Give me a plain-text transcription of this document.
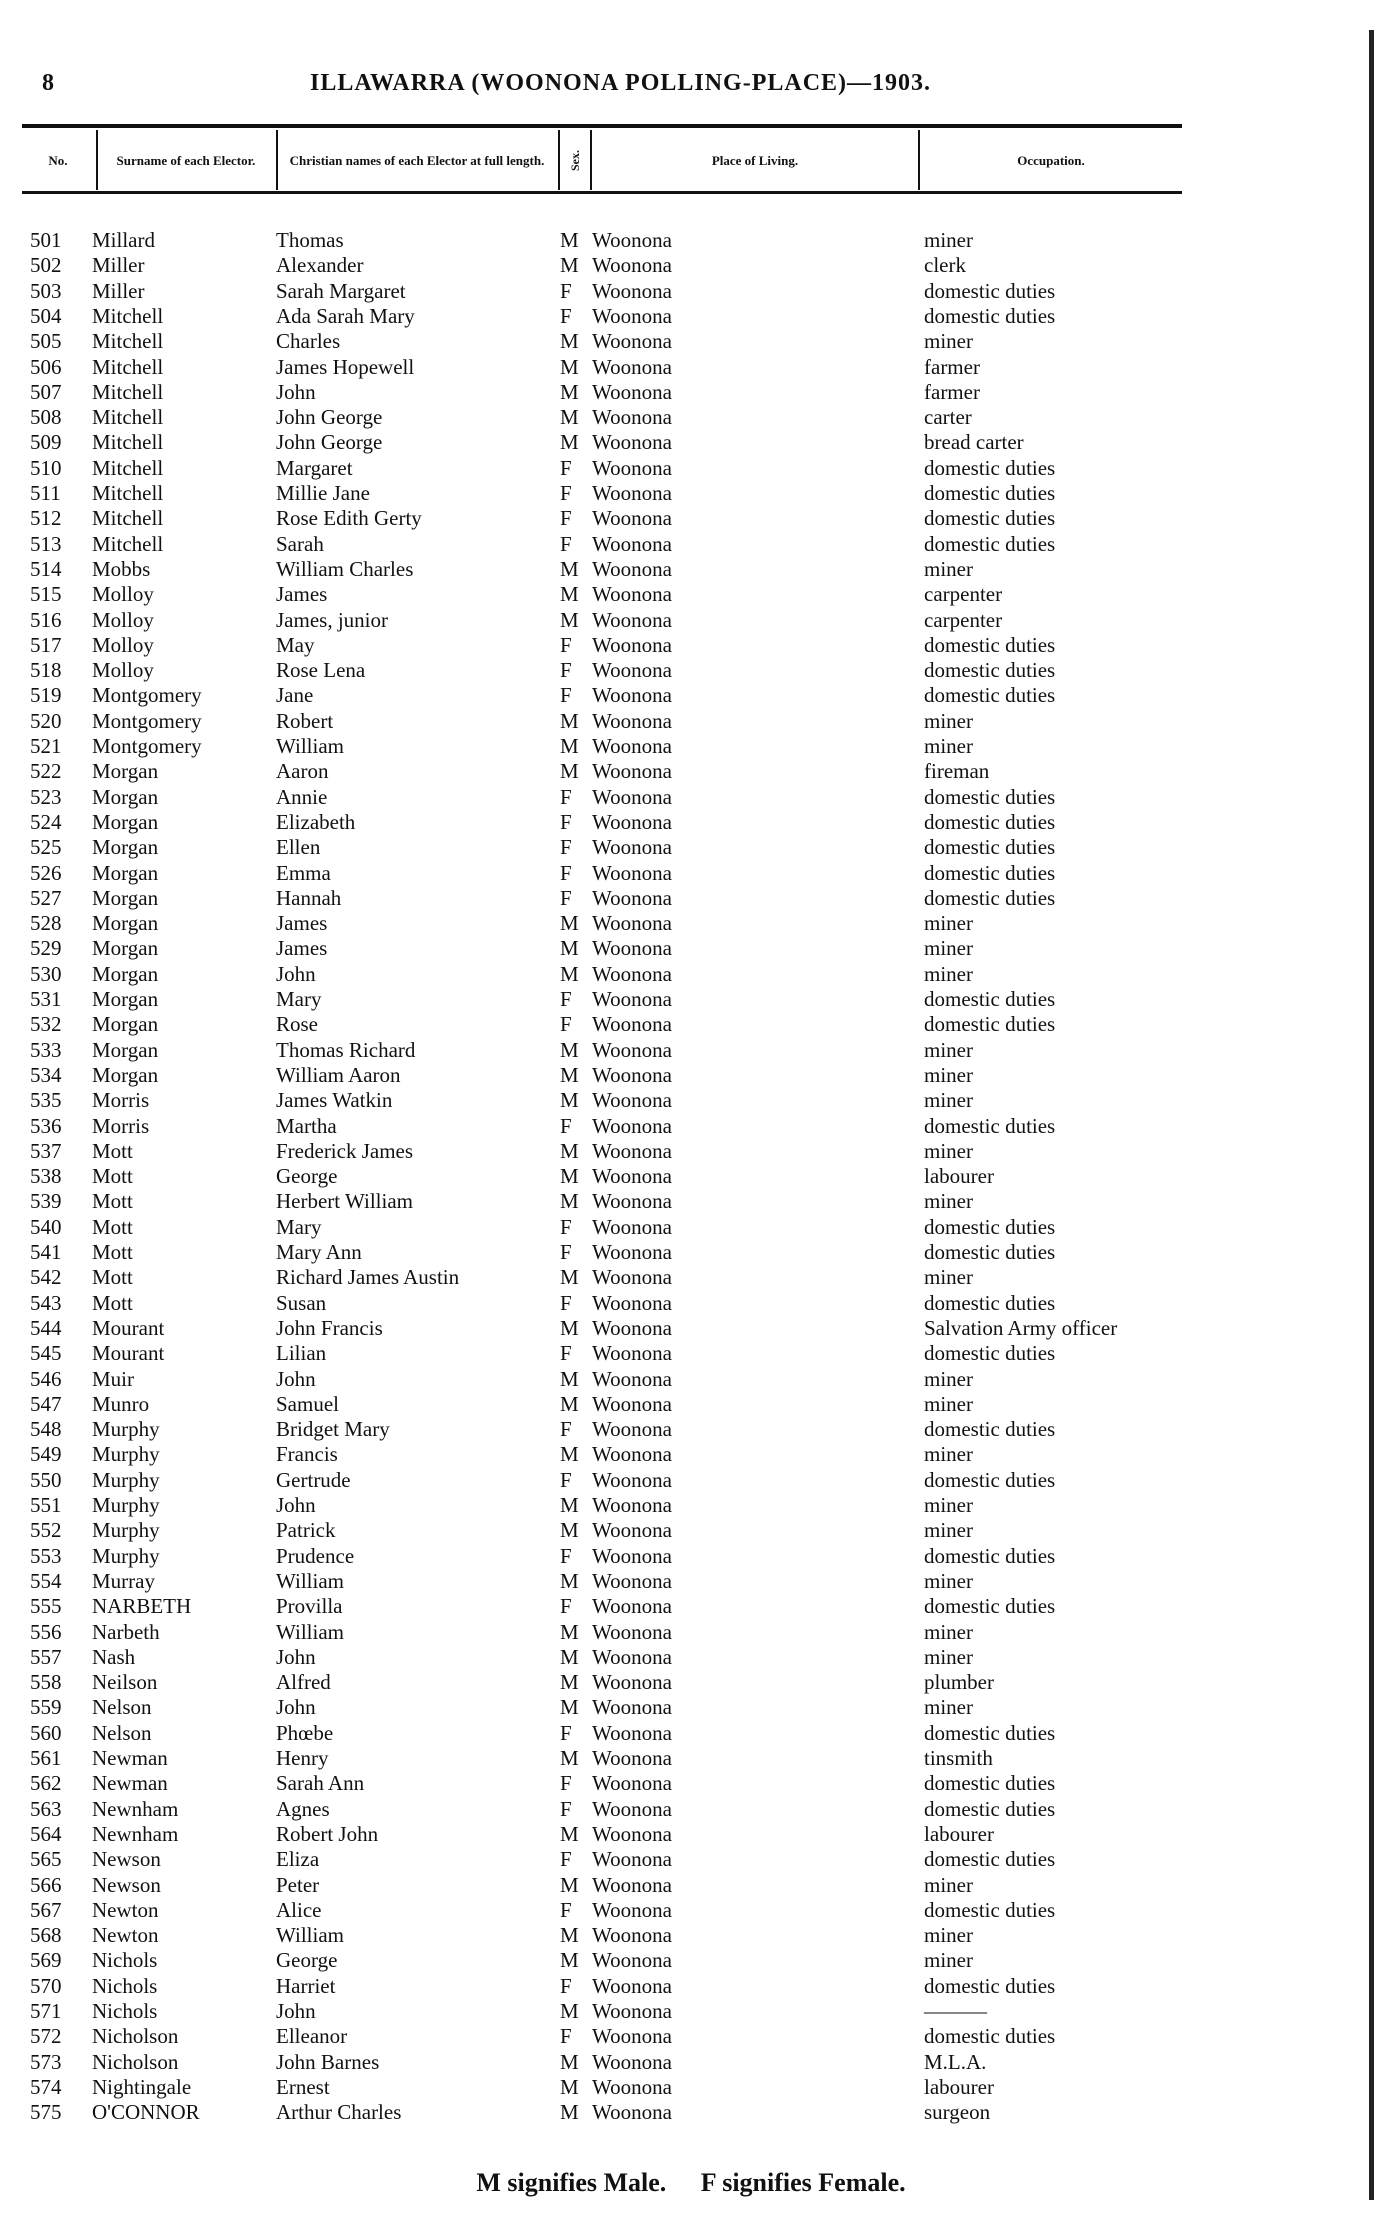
8	ILLAWARRA (WOONONA POLLING-PLACE)—1903.
No.	Surname of each Elector.	Christian names of each Elector at full length.	Sex.	Place of Living.	Occupation.
501 Millard	Thomas	M Woonona	miner
502 Miller	Alexander	M Woonona	clerk
503 Miller	Sarah Margaret	F Woonona	domestic duties
504 Mitchell	Ada Sarah Mary	F Woonona	domestic duties
505 Mitchell	Charles	M Woonona	miner
506 Mitchell	James Hopewell	M Woonona	farmer
507 Mitchell	John	M Woonona	farmer
508 Mitchell	John George	M Woonona	carter
509 Mitchell	John George	M Woonona	bread carter
510 Mitchell	Margaret	F Woonona	domestic duties
511 Mitchell	Millie Jane	F Woonona	domestic duties
512 Mitchell	Rose Edith Gerty	F Woonona	domestic duties
513 Mitchell	Sarah	F Woonona	domestic duties
514 Mobbs	William Charles	M Woonona	miner
515 Molloy	James	M Woonona	carpenter
516 Molloy	James, junior	M Woonona	carpenter
517 Molloy	May	F Woonona	domestic duties
518 Molloy	Rose Lena	F Woonona	domestic duties
519 Montgomery	Jane	F Woonona	domestic duties
520 Montgomery	Robert	M Woonona	miner
521 Montgomery	William	M Woonona	miner
522 Morgan	Aaron	M Woonona	fireman
523 Morgan	Annie	F Woonona	domestic duties
524 Morgan	Elizabeth	F Woonona	domestic duties
525 Morgan	Ellen	F Woonona	domestic duties
526 Morgan	Emma	F Woonona	domestic duties
527 Morgan	Hannah	F Woonona	domestic duties
528 Morgan	James	M Woonona	miner
529 Morgan	James	M Woonona	miner
530 Morgan	John	M Woonona	miner
531 Morgan	Mary	F Woonona	domestic duties
532 Morgan	Rose	F Woonona	domestic duties
533 Morgan	Thomas Richard	M Woonona	miner
534 Morgan	William Aaron	M Woonona	miner
535 Morris	James Watkin	M Woonona	miner
536 Morris	Martha	F Woonona	domestic duties
537 Mott	Frederick James	M Woonona	miner
538 Mott	George	M Woonona	labourer
539 Mott	Herbert William	M Woonona	miner
540 Mott	Mary	F Woonona	domestic duties
541 Mott	Mary Ann	F Woonona	domestic duties
542 Mott	Richard James Austin	M Woonona	miner
543 Mott	Susan	F Woonona	domestic duties
544 Mourant	John Francis	M Woonona	Salvation Army officer
545 Mourant	Lilian	F Woonona	domestic duties
546 Muir	John	M Woonona	miner
547 Munro	Samuel	M Woonona	miner
548 Murphy	Bridget Mary	F Woonona	domestic duties
549 Murphy	Francis	M Woonona	miner
550 Murphy	Gertrude	F Woonona	domestic duties
551 Murphy	John	M Woonona	miner
552 Murphy	Patrick	M Woonona	miner
553 Murphy	Prudence	F Woonona	domestic duties
554 Murray	William	M Woonona	miner
555 NARBETH	Provilla	F Woonona	domestic duties
556 Narbeth	William	M Woonona	miner
557 Nash	John	M Woonona	miner
558 Neilson	Alfred	M Woonona	plumber
559 Nelson	John	M Woonona	miner
560 Nelson	Phœbe	F Woonona	domestic duties
561 Newman	Henry	M Woonona	tinsmith
562 Newman	Sarah Ann	F Woonona	domestic duties
563 Newnham	Agnes	F Woonona	domestic duties
564 Newnham	Robert John	M Woonona	labourer
565 Newson	Eliza	F Woonona	domestic duties
566 Newson	Peter	M Woonona	miner
567 Newton	Alice	F Woonona	domestic duties
568 Newton	William	M Woonona	miner
569 Nichols	George	M Woonona	miner
570 Nichols	Harriet	F Woonona	domestic duties
571 Nichols	John	M Woonona	———
572 Nicholson	Elleanor	F Woonona	domestic duties
573 Nicholson	John Barnes	M Woonona	M.L.A.
574 Nightingale	Ernest	M Woonona	labourer
575 O'CONNOR	Arthur Charles	M Woonona	surgeon
M signifies Male. F signifies Female.
